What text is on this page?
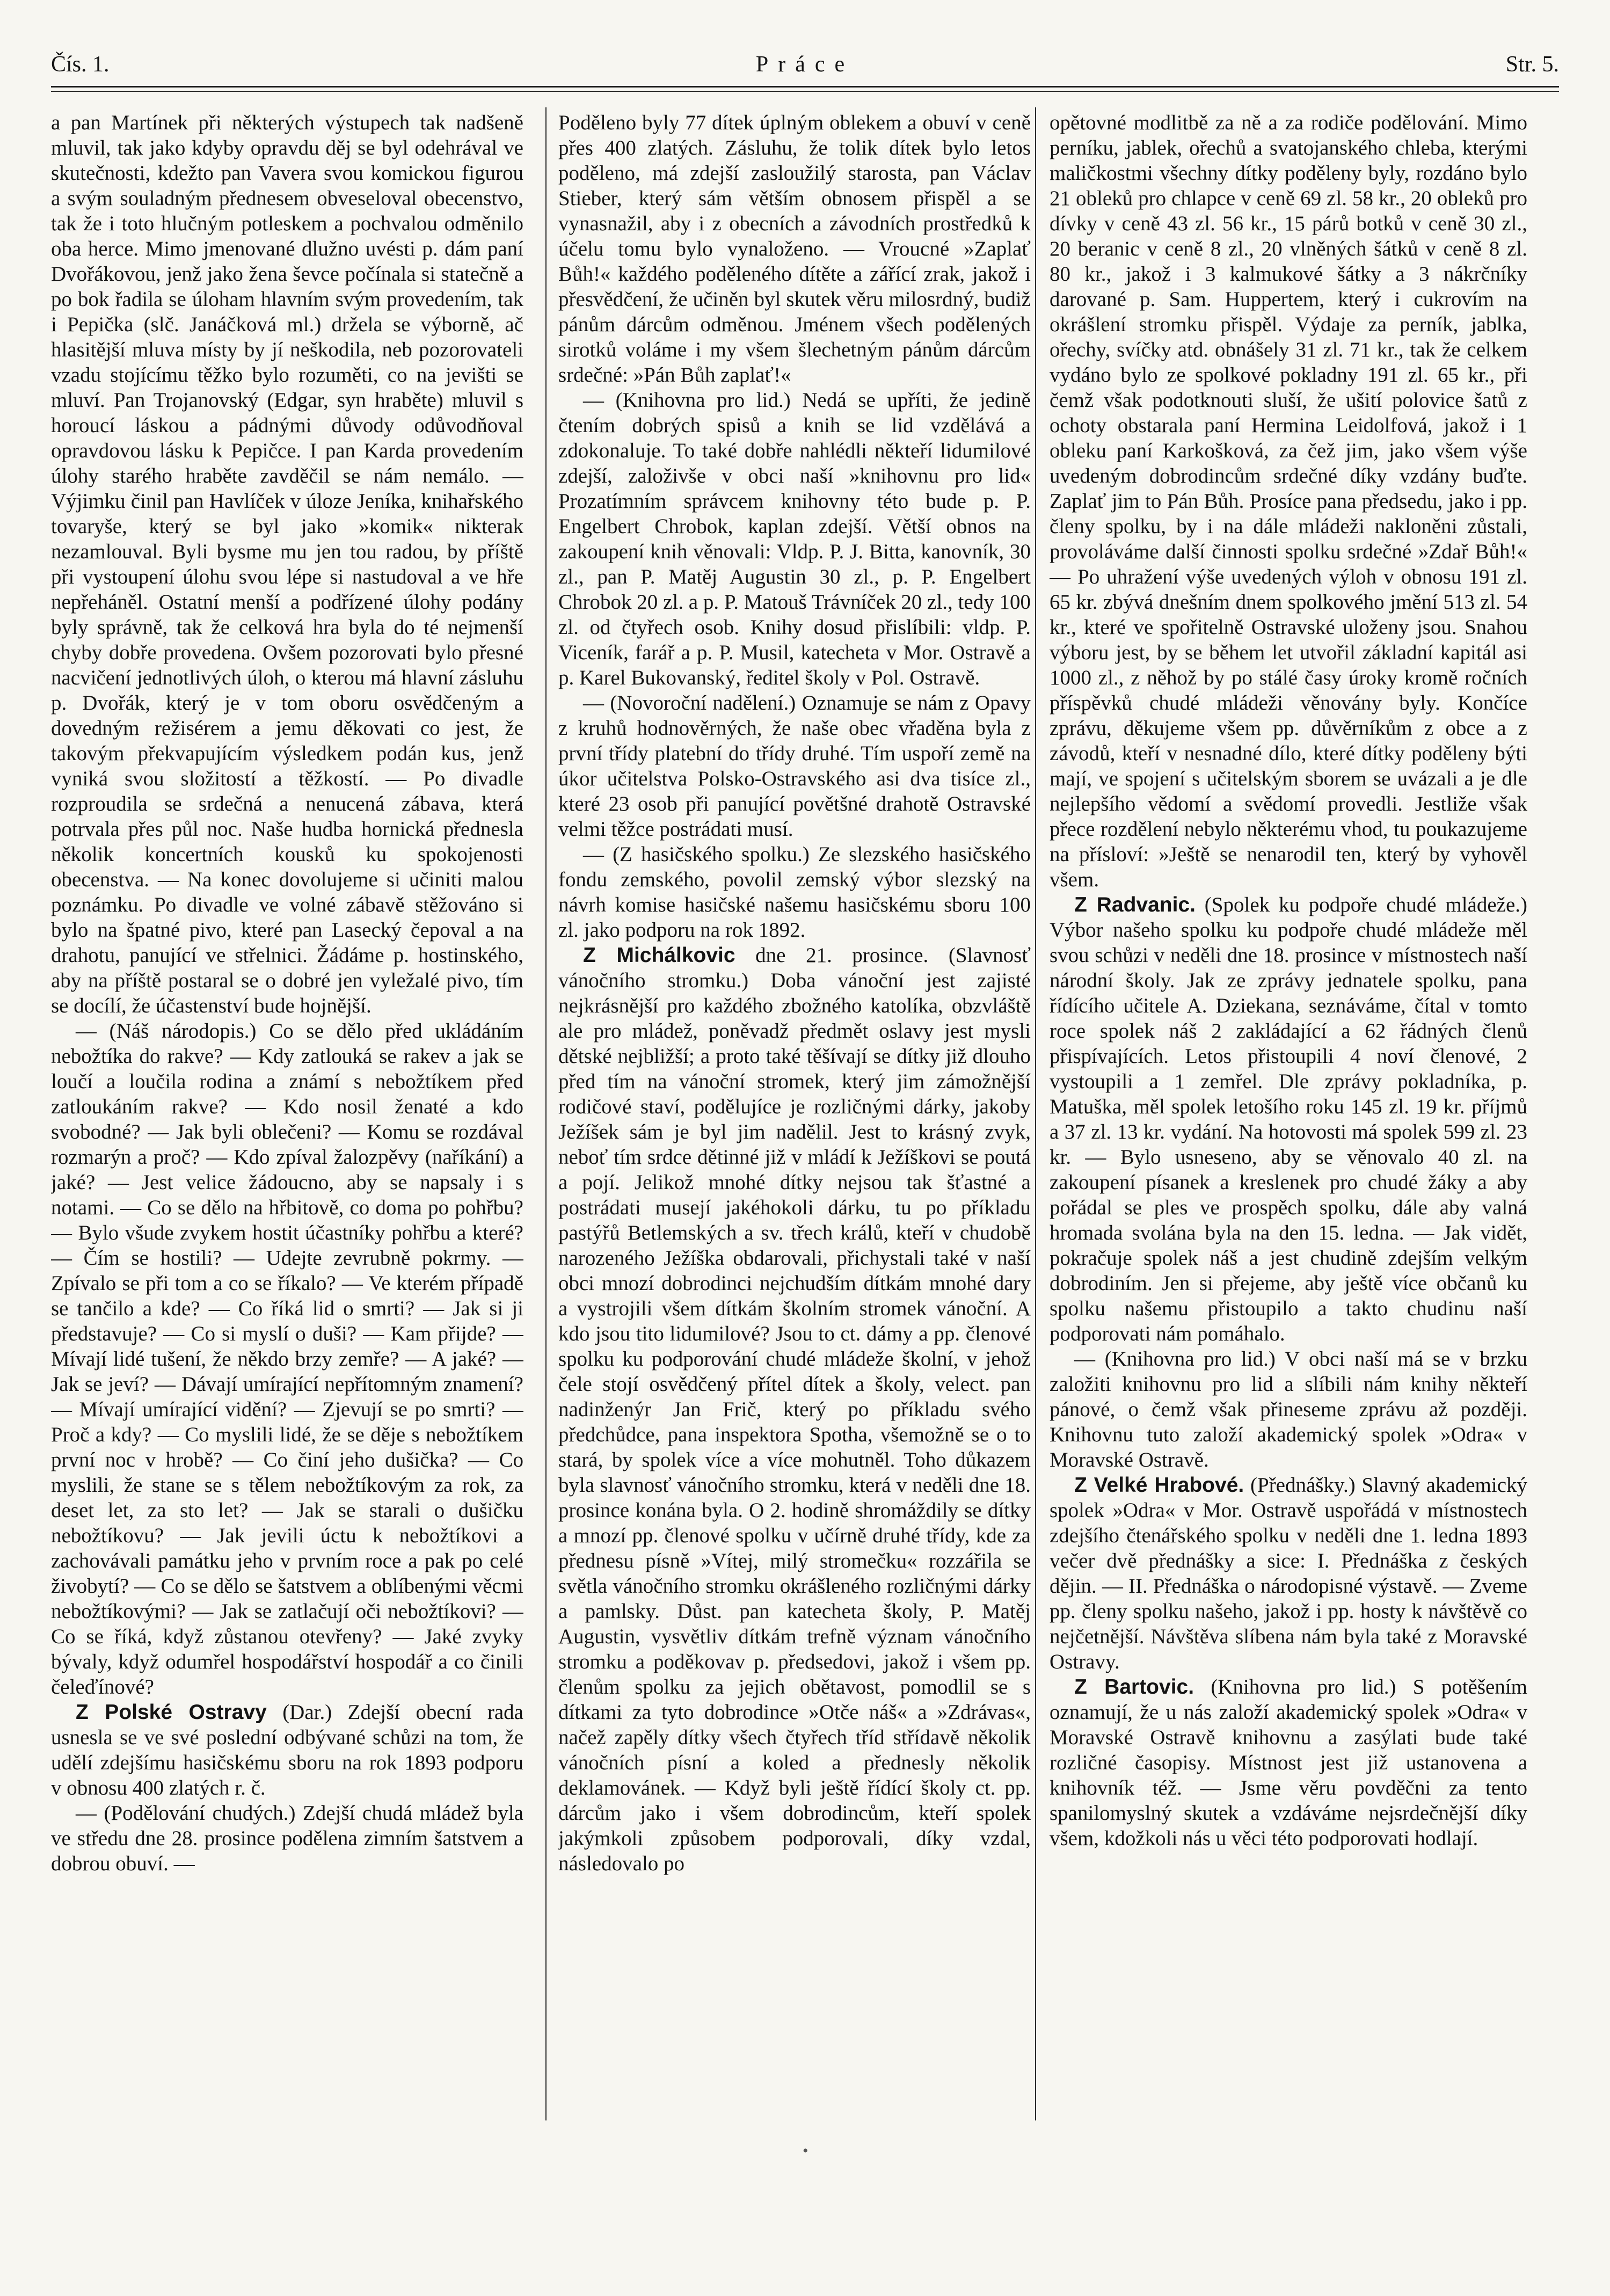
Čís. 1.	Práce	Str. 5.

a pan Martínek při některých výstupech tak nadšeně mluvil, tak jako kdyby opravdu děj se byl odehrával ve skutečnosti, kdežto pan Vavera svou komickou figurou a svým souladným přednesem obveseloval obecenstvo, tak že i toto hlučným potleskem a pochvalou odměnilo oba herce. Mimo jmenované dlužno uvésti p. dám paní Dvořákovou, jenž jako žena ševce počínala si statečně a po bok řadila se úloham hlavním svým provedením, tak i Pepička (slč. Janáčková ml.) držela se výborně, ač hlasitější mluva místy by jí neškodila, neb pozorovateli vzadu stojícímu těžko bylo rozuměti, co na jevišti se mluví. Pan Trojanovský (Edgar, syn hraběte) mluvil s horoucí láskou a pádnými důvody odůvodňoval opravdovou lásku k Pepičce. I pan Karda provedením úlohy starého hraběte zavděčil se nám nemálo. — Výjimku činil pan Havlíček v úloze Jeníka, knihařského tovaryše, který se byl jako »komik« nikterak nezamlouval. Byli bysme mu jen tou radou, by příště při vystoupení úlohu svou lépe si nastudoval a ve hře nepřeháněl. Ostatní menší a podřízené úlohy podány byly správně, tak že celková hra byla do té nejmenší chyby dobře provedena. Ovšem pozorovati bylo přesné nacvičení jednotlivých úloh, o kterou má hlavní zásluhu p. Dvořák, který je v tom oboru osvědčeným a dovedným režisérem a jemu děkovati co jest, že takovým překvapujícím výsledkem podán kus, jenž vyniká svou složitostí a těžkostí. — Po divadle rozproudila se srdečná a nenucená zábava, která potrvala přes půl noc. Naše hudba hornická přednesla několik koncertních kousků ku spokojenosti obecenstva. — Na konec dovolujeme si učiniti malou poznámku. Po divadle ve volné zábavě stěžováno si bylo na špatné pivo, které pan Lasecký čepoval a na drahotu, panující ve střelnici. Žádáme p. hostinského, aby na příště postaral se o dobré jen vyležalé pivo, tím se docílí, že účastenství bude hojnější.

— (Náš národopis.) Co se dělo před ukládáním nebožtíka do rakve? — Kdy zatlouká se rakev a jak se loučí a loučila rodina a známí s nebožtíkem před zatloukáním rakve? — Kdo nosil ženaté a kdo svobodné? — Jak byli oblečeni? — Komu se rozdával rozmarýn a proč? — Kdo zpíval žalozpěvy (naříkání) a jaké? — Jest velice žádoucno, aby se napsaly i s notami. — Co se dělo na hřbitově, co doma po pohřbu? — Bylo všude zvykem hostit účastníky pohřbu a které? — Čím se hostili? — Udejte zevrubně pokrmy. — Zpívalo se při tom a co se říkalo? — Ve kterém případě se tančilo a kde? — Co říká lid o smrti? — Jak si ji představuje? — Co si myslí o duši? — Kam přijde? — Mívají lidé tušení, že někdo brzy zemře? — A jaké? — Jak se jeví? — Dávají umírající nepřítomným znamení? — Mívají umírající vidění? — Zjevují se po smrti? — Proč a kdy? — Co myslili lidé, že se děje s nebožtíkem první noc v hrobě? — Co činí jeho dušička? — Co myslili, že stane se s tělem nebožtíkovým za rok, za deset let, za sto let? — Jak se starali o dušičku nebožtíkovu? — Jak jevili úctu k nebožtíkovi a zachovávali památku jeho v prvním roce a pak po celé živobytí? — Co se dělo se šatstvem a oblíbenými věcmi nebožtíkovými? — Jak se zatlačují oči nebožtíkovi? — Co se říká, když zůstanou otevřeny? — Jaké zvyky bývaly, když odumřel hospodářství hospodář a co činili čeleďínové?

Z Polské Ostravy (Dar.) Zdejší obecní rada usnesla se ve své poslední odbývané schůzi na tom, že udělí zdejšímu hasičskému sboru na rok 1893 podporu v obnosu 400 zlatých r. č.

— (Podělování chudých.) Zdejší chudá mládež byla ve středu dne 28. prosince podělena zimním šatstvem a dobrou obuví. —

Poděleno byly 77 dítek úplným oblekem a obuví v ceně přes 400 zlatých. Zásluhu, že tolik dítek bylo letos poděleno, má zdejší zasloužilý starosta, pan Václav Stieber, který sám větším obnosem přispěl a se vynasnažil, aby i z obecních a závodních prostředků k účelu tomu bylo vynaloženo. — Vroucné »Zaplať Bůh!« každého poděleného dítěte a zářící zrak, jakož i přesvědčení, že učiněn byl skutek věru milosrdný, budiž pánům dárcům odměnou. Jménem všech podělených sirotků voláme i my všem šlechetným pánům dárcům srdečné: »Pán Bůh zaplať!«

— (Knihovna pro lid.) Nedá se upříti, že jedině čtením dobrých spisů a knih se lid vzdělává a zdokonaluje. To také dobře nahlédli někteří lidumilové zdejší, založivše v obci naší »knihovnu pro lid« Prozatímním správcem knihovny této bude p. P. Engelbert Chrobok, kaplan zdejší. Větší obnos na zakoupení knih věnovali: Vldp. P. J. Bitta, kanovník, 30 zl., pan P. Matěj Augustin 30 zl., p. P. Engelbert Chrobok 20 zl. a p. P. Matouš Trávníček 20 zl., tedy 100 zl. od čtyřech osob. Knihy dosud přislíbili: vldp. P. Viceník, farář a p. P. Musil, katecheta v Mor. Ostravě a p. Karel Bukovanský, ředitel školy v Pol. Ostravě.

— (Novoroční nadělení.) Oznamuje se nám z Opavy z kruhů hodnověrných, že naše obec vřaděna byla z první třídy platební do třídy druhé. Tím uspoří země na úkor učitelstva Polsko-Ostravského asi dva tisíce zl., které 23 osob při panující povětšné drahotě Ostravské velmi těžce postrádati musí.

— (Z hasičského spolku.) Ze slezského hasičského fondu zemského, povolil zemský výbor slezský na návrh komise hasičské našemu hasičskému sboru 100 zl. jako podporu na rok 1892.

Z Michálkovic dne 21. prosince. (Slavnosť vánočního stromku.) Doba vánoční jest zajisté nejkrásnější pro každého zbožného katolíka, obzvláště ale pro mládež, poněvadž předmět oslavy jest mysli dětské nejbližší; a proto také těšívají se dítky již dlouho před tím na vánoční stromek, který jim zámožnější rodičové staví, podělujíce je rozličnými dárky, jakoby Ježíšek sám je byl jim nadělil. Jest to krásný zvyk, neboť tím srdce dětinné již v mládí k Ježíškovi se poutá a pojí. Jelikož mnohé dítky nejsou tak šťastné a postrádati musejí jakéhokoli dárku, tu po příkladu pastýřů Betlemských a sv. třech králů, kteří v chudobě narozeného Ježíška obdarovali, přichystali také v naší obci mnozí dobrodinci nejchudším dítkám mnohé dary a vystrojili všem dítkám školním stromek vánoční. A kdo jsou tito lidumilové? Jsou to ct. dámy a pp. členové spolku ku podporování chudé mládeže školní, v jehož čele stojí osvědčený přítel dítek a školy, velect. pan nadinženýr Jan Frič, který po příkladu svého předchůdce, pana inspektora Spotha, všemožně se o to stará, by spolek více a více mohutněl. Toho důkazem byla slavnosť vánočního stromku, která v neděli dne 18. prosince konána byla. O 2. hodině shromáždily se dítky a mnozí pp. členové spolku v učírně druhé třídy, kde za přednesu písně »Vítej, milý stromečku« rozzářila se světla vánočního stromku okrášleného rozličnými dárky a pamlsky. Důst. pan katecheta školy, P. Matěj Augustin, vysvětliv dítkám trefně význam vánočního stromku a poděkovav p. předsedovi, jakož i všem pp. členům spolku za jejich obětavost, pomodlil se s dítkami za tyto dobrodince »Otče náš« a »Zdrávas«, načež zapěly dítky všech čtyřech tříd střídavě několik vánočních písní a koled a přednesly několik deklamovánek. — Když byli ještě řídící školy ct. pp. dárcům jako i všem dobrodincům, kteří spolek jakýmkoli způsobem podporovali, díky vzdal, následovalo po

opětovné modlitbě za ně a za rodiče podělování. Mimo perníku, jablek, ořechů a svatojanského chleba, kterými maličkostmi všechny dítky poděleny byly, rozdáno bylo 21 obleků pro chlapce v ceně 69 zl. 58 kr., 20 obleků pro dívky v ceně 43 zl. 56 kr., 15 párů botků v ceně 30 zl., 20 beranic v ceně 8 zl., 20 vlněných šátků v ceně 8 zl. 80 kr., jakož i 3 kalmukové šátky a 3 nákrčníky darované p. Sam. Huppertem, který i cukrovím na okrášlení stromku přispěl. Výdaje za perník, jablka, ořechy, svíčky atd. obnášely 31 zl. 71 kr., tak že celkem vydáno bylo ze spolkové pokladny 191 zl. 65 kr., při čemž však podotknouti sluší, že ušití polovice šatů z ochoty obstarala paní Hermina Leidolfová, jakož i 1 obleku paní Karkošková, za čež jim, jako všem výše uvedeným dobrodincům srdečné díky vzdány buďte. Zaplať jim to Pán Bůh. Prosíce pana předsedu, jako i pp. členy spolku, by i na dále mládeži nakloněni zůstali, provoláváme další činnosti spolku srdečné »Zdař Bůh!« — Po uhražení výše uvedených výloh v obnosu 191 zl. 65 kr. zbývá dnešním dnem spolkového jmění 513 zl. 54 kr., které ve spořitelně Ostravské uloženy jsou. Snahou výboru jest, by se během let utvořil základní kapitál asi 1000 zl., z něhož by po stálé časy úroky kromě ročních příspěvků chudé mládeži věnovány byly. Končíce zprávu, děkujeme všem pp. důvěrníkům z obce a z závodů, kteří v nesnadné dílo, které dítky poděleny býti mají, ve spojení s učitelským sborem se uvázali a je dle nejlepšího vědomí a svědomí provedli. Jestliže však přece rozdělení nebylo některému vhod, tu poukazujeme na přísloví: »Ještě se nenarodil ten, který by vyhověl všem.

Z Radvanic. (Spolek ku podpoře chudé mládeže.) Výbor našeho spolku ku podpoře chudé mládeže měl svou schůzi v neděli dne 18. prosince v místnostech naší národní školy. Jak ze zprávy jednatele spolku, pana řídícího učitele A. Dziekana, seznáváme, čítal v tomto roce spolek náš 2 zakládající a 62 řádných členů přispívajících. Letos přistoupili 4 noví členové, 2 vystoupili a 1 zemřel. Dle zprávy pokladníka, p. Matuška, měl spolek letošího roku 145 zl. 19 kr. příjmů a 37 zl. 13 kr. vydání. Na hotovosti má spolek 599 zl. 23 kr. — Bylo usneseno, aby se věnovalo 40 zl. na zakoupení písanek a kreslenek pro chudé žáky a aby pořádal se ples ve prospěch spolku, dále aby valná hromada svolána byla na den 15. ledna. — Jak vidět, pokračuje spolek náš a jest chudině zdejším velkým dobrodiním. Jen si přejeme, aby ještě více občanů ku spolku našemu přistoupilo a takto chudinu naší podporovati nám pomáhalo.

— (Knihovna pro lid.) V obci naší má se v brzku založiti knihovnu pro lid a slíbili nám knihy někteří pánové, o čemž však přineseme zprávu až později. Knihovnu tuto založí akademický spolek »Odra« v Moravské Ostravě.

Z Velké Hrabové. (Přednášky.) Slavný akademický spolek »Odra« v Mor. Ostravě uspořádá v místnostech zdejšího čtenářského spolku v neděli dne 1. ledna 1893 večer dvě přednášky a sice: I. Přednáška z českých dějin. — II. Přednáška o národopisné výstavě. — Zveme pp. členy spolku našeho, jakož i pp. hosty k návštěvě co nejčetnější. Návštěva slíbena nám byla také z Moravské Ostravy.

Z Bartovic. (Knihovna pro lid.) S potěšením oznamují, že u nás založí akademický spolek »Odra« v Moravské Ostravě knihovnu a zasýlati bude také rozličné časopisy. Místnost jest již ustanovena a knihovník též. — Jsme věru povděčni za tento spanilomyslný skutek a vzdáváme nejsrdečnější díky všem, kdožkoli nás u věci této podporovati hodlají.

•
